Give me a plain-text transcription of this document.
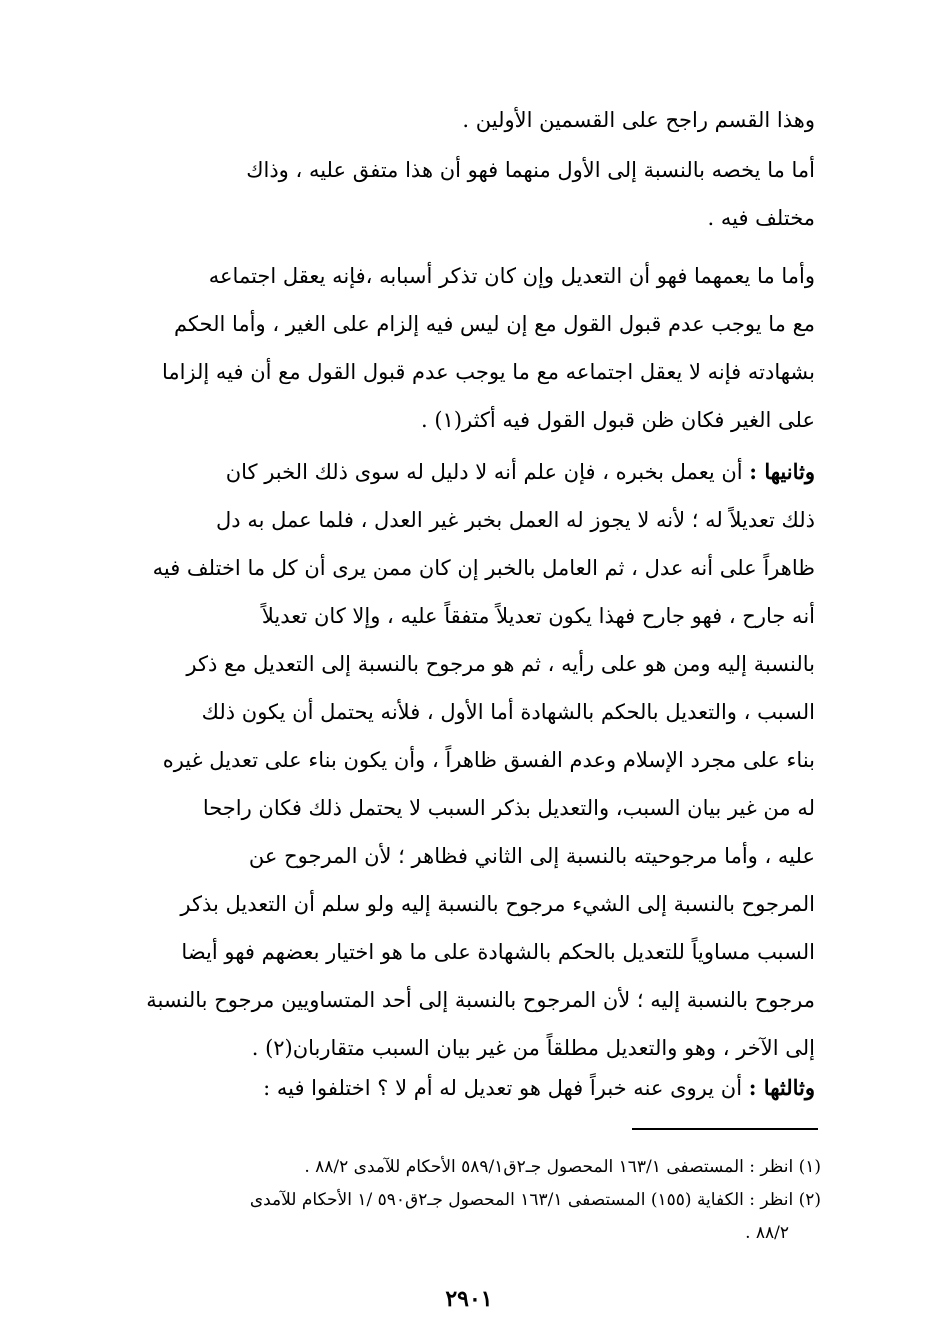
وهذا القسم راجح على القسمين الأولين .
أما ما يخصه بالنسبة إلى الأول منهما فهو أن هذا متفق عليه ، وذاك
مختلف فيه .
وأما ما يعمهما فهو أن التعديل وإن كان تذكر أسبابه ،فإنه يعقل اجتماعه
مع ما يوجب عدم قبول القول مع إن ليس فيه إلزام على الغير ، وأما الحكم
بشهادته فإنه لا يعقل اجتماعه مع ما يوجب عدم قبول القول مع أن فيه إلزاما
على الغير فكان ظن قبول القول فيه أكثر(١) .
وثانيها : أن يعمل بخبره ، فإن علم أنه لا دليل له سوى ذلك الخبر كان
ذلك تعديلاً له ؛ لأنه لا يجوز له العمل بخبر غير العدل ، فلما عمل به دل
ظاهراً على أنه عدل ، ثم العامل بالخبر إن كان ممن يرى أن كل ما اختلف فيه
أنه جارح ، فهو جارح فهذا يكون تعديلاً متفقاً عليه ، وإلا كان تعديلاً
بالنسبة إليه ومن هو على رأيه ، ثم هو مرجوح بالنسبة إلى التعديل مع ذكر
السبب ، والتعديل بالحكم بالشهادة أما الأول ، فلأنه يحتمل أن يكون ذلك
بناء على مجرد الإسلام وعدم الفسق ظاهراً ، وأن يكون بناء على تعديل غيره
له من غير بيان السبب، والتعديل بذكر السبب لا يحتمل ذلك فكان راجحا
عليه ، وأما مرجوحيته بالنسبة إلى الثاني فظاهر ؛ لأن المرجوح عن
المرجوح بالنسبة إلى الشيء مرجوح بالنسبة إليه ولو سلم أن التعديل بذكر
السبب مساوياً للتعديل بالحكم بالشهادة على ما هو اختيار بعضهم فهو أيضا
مرجوح بالنسبة إليه ؛ لأن المرجوح بالنسبة إلى أحد المتساويين مرجوح بالنسبة
إلى الآخر ، وهو والتعديل مطلقاً من غير بيان السبب متقاربان(٢) .
وثالثها : أن يروى عنه خبراً فهل هو تعديل له أم لا ؟ اختلفوا فيه :
(١) انظر : المستصفى ١٦٣/١ المحصول جـ٢ق٥٨٩/١ الأحكام للآمدى ٨٨/٢ .
(٢) انظر : الكفاية (١٥٥) المستصفى ١٦٣/١ المحصول جـ٢ق٥٩٠ /١ الأحكام للآمدى
٨٨/٢ .
٢٩٠١
